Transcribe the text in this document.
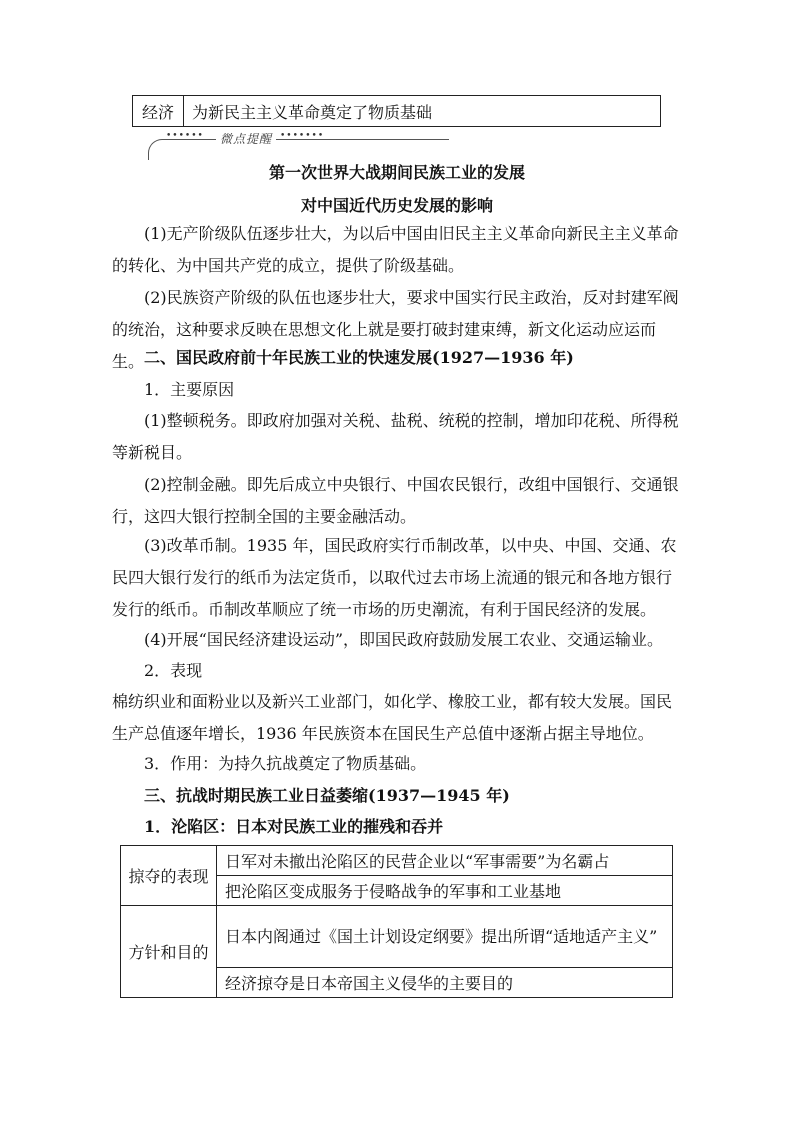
经济	为新民主主义革命奠定了物质基础
••••••	微点提醒 •••••••
第一次世界大战期间民族工业的发展
对中国近代历史发展的影响

(1)无产阶级队伍逐步壮大，为以后中国由旧民主主义革命向新民主主义革命的转化、为中国共产党的成立，提供了阶级基础。

(2)民族资产阶级的队伍也逐步壮大，要求中国实行民主政治，反对封建军阀的统治，这种要求反映在思想文化上就是要打破封建束缚，新文化运动应运而生。 二、国民政府前十年民族工业的快速发展(1927—1936 年)

1．主要原因

(1)整顿税务。即政府加强对关税、盐税、统税的控制，增加印花税、所得税等新税目。

(2)控制金融。即先后成立中央银行、中国农民银行，改组中国银行、交通银行，这四大银行控制全国的主要金融活动。

(3)改革币制。1935 年，国民政府实行币制改革，以中央、中国、交通、农民四大银行发行的纸币为法定货币，以取代过去市场上流通的银元和各地方银行发行的纸币。币制改革顺应了统一市场的历史潮流，有利于国民经济的发展。

(4)开展“国民经济建设运动”，即国民政府鼓励发展工农业、交通运输业。

2．表现

棉纺织业和面粉业以及新兴工业部门，如化学、橡胶工业，都有较大发展。国民生产总值逐年增长，1936 年民族资本在国民生产总值中逐渐占据主导地位。

3．作用：为持久抗战奠定了物质基础。

三、抗战时期民族工业日益萎缩(1937—1945 年)

1．沦陷区：日本对民族工业的摧残和吞并

掠夺的表现	日军对未撤出沦陷区的民营企业以“军事需要”为名霸占
	把沦陷区变成服务于侵略战争的军事和工业基地
方针和目的	日本内阁通过《国土计划设定纲要》提出所谓“适地适产主义”
	经济掠夺是日本帝国主义侵华的主要目的
